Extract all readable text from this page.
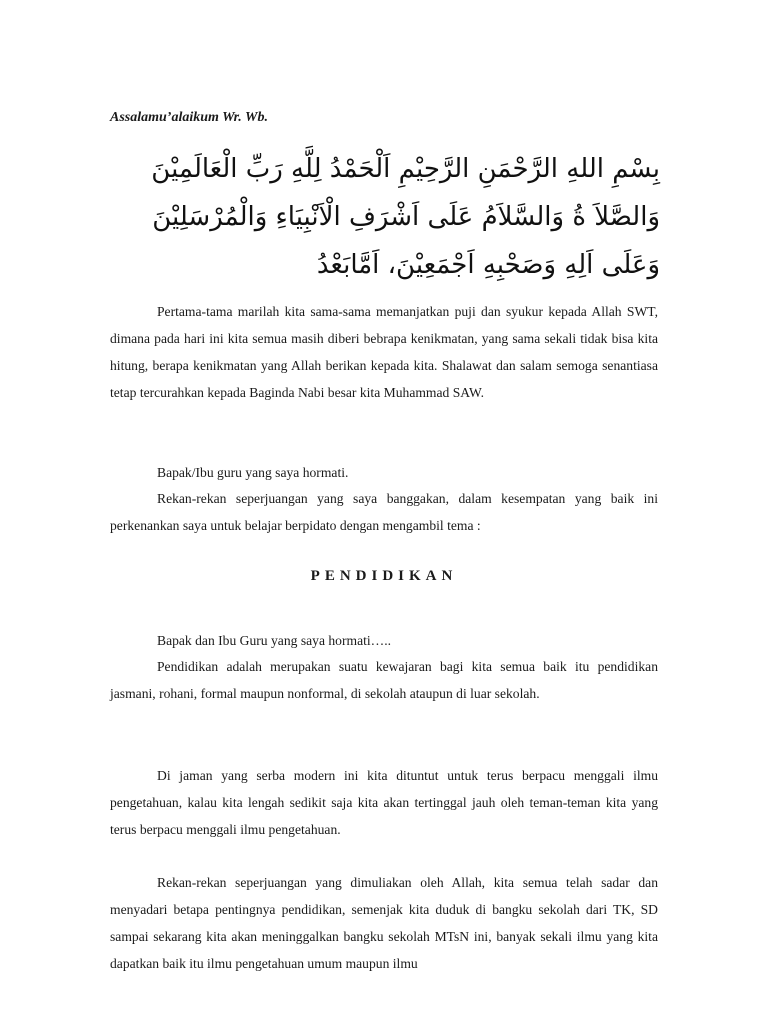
Assalamu’alaikum Wr. Wb.
بِسْمِ اللهِ الرَّحْمَنِ الرَّحِيْمِ اَلْحَمْدُ لِلَّهِ رَبِّ الْعَالَمِيْنَ
وَالصَّلاَ ةُ وَالسَّلاَمُ عَلَى اَشْرَفِ الْاَنْبِيَاءِ وَالْمُرْسَلِيْنَ
وَعَلَى اَلِهِ وَصَحْبِهِ اَجْمَعِيْنَ، اَمَّابَعْدُ

Pertama-tama marilah kita sama-sama memanjatkan puji dan syukur kepada Allah SWT, dimana pada hari ini kita semua masih diberi bebrapa kenikmatan, yang sama sekali tidak bisa kita hitung, berapa kenikmatan yang Allah berikan kepada kita. Shalawat dan salam semoga senantiasa tetap tercurahkan kepada Baginda Nabi besar kita Muhammad SAW.

Bapak/Ibu guru yang saya hormati.

Rekan-rekan seperjuangan yang saya banggakan, dalam kesempatan yang baik ini perkenankan saya untuk belajar berpidato dengan mengambil tema :

PENDIDIKAN

Bapak dan Ibu Guru yang saya hormati…..

Pendidikan adalah merupakan suatu kewajaran bagi kita semua baik itu pendidikan jasmani, rohani, formal maupun nonformal, di sekolah ataupun di luar sekolah.

Di jaman yang serba modern ini kita dituntut untuk terus berpacu menggali ilmu pengetahuan, kalau kita lengah sedikit saja kita akan tertinggal jauh oleh teman-teman kita yang terus berpacu menggali ilmu pengetahuan.

Rekan-rekan seperjuangan yang dimuliakan oleh Allah, kita semua telah sadar dan menyadari betapa pentingnya pendidikan, semenjak kita duduk di bangku sekolah dari TK, SD sampai sekarang kita akan meninggalkan bangku sekolah MTsN ini, banyak sekali ilmu yang kita dapatkan baik itu ilmu pengetahuan umum maupun ilmu
